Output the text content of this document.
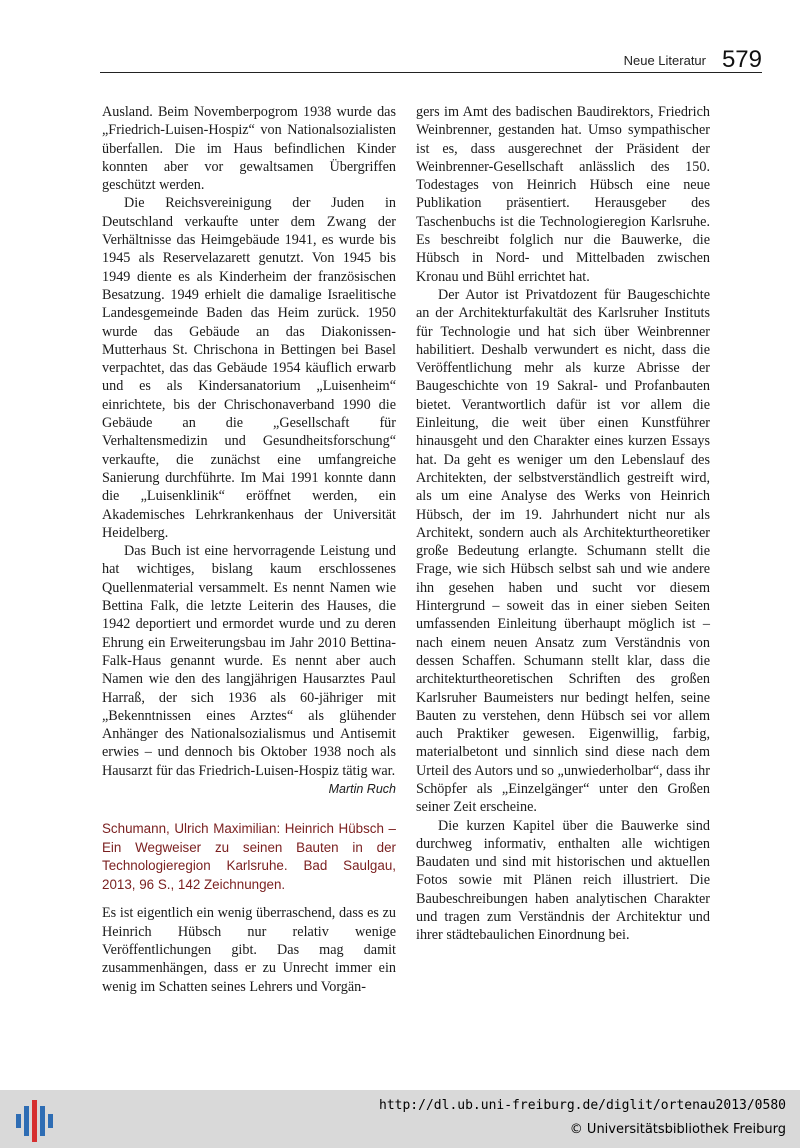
Neue Literatur 579

Ausland. Beim Novemberpogrom 1938 wurde das „Friedrich-Luisen-Hospiz“ von Nationalsozialisten überfallen. Die im Haus befindlichen Kinder konnten aber vor gewaltsamen Übergriffen geschützt werden.

Die Reichsvereinigung der Juden in Deutschland verkaufte unter dem Zwang der Verhältnisse das Heimgebäude 1941, es wurde bis 1945 als Reservelazarett genutzt. Von 1945 bis 1949 diente es als Kinderheim der französischen Besatzung. 1949 erhielt die damalige Israelitische Landesgemeinde Baden das Heim zurück. 1950 wurde das Gebäude an das Diakonissen-Mutterhaus St. Chrischona in Bettingen bei Basel verpachtet, das das Gebäude 1954 käuflich erwarb und es als Kindersanatorium „Luisenheim“ einrichtete, bis der Chrischonaverband 1990 die Gebäude an die „Gesellschaft für Verhaltensmedizin und Gesundheitsforschung“ verkaufte, die zunächst eine umfangreiche Sanierung durchführte. Im Mai 1991 konnte dann die „Luisenklinik“ eröffnet werden, ein Akademisches Lehrkrankenhaus der Universität Heidelberg.

Das Buch ist eine hervorragende Leistung und hat wichtiges, bislang kaum erschlossenes Quellenmaterial versammelt. Es nennt Namen wie Bettina Falk, die letzte Leiterin des Hauses, die 1942 deportiert und ermordet wurde und zu deren Ehrung ein Erweiterungsbau im Jahr 2010 Bettina-Falk-Haus genannt wurde. Es nennt aber auch Namen wie den des langjährigen Hausarztes Paul Harraß, der sich 1936 als 60-jähriger mit „Bekenntnissen eines Arztes“ als glühender Anhänger des Nationalsozialismus und Antisemit erwies – und dennoch bis Oktober 1938 noch als Hausarzt für das Friedrich-Luisen-Hospiz tätig war.
Martin Ruch

Schumann, Ulrich Maximilian: Heinrich Hübsch – Ein Wegweiser zu seinen Bauten in der Technologieregion Karlsruhe. Bad Saulgau, 2013, 96 S., 142 Zeichnungen.

Es ist eigentlich ein wenig überraschend, dass es zu Heinrich Hübsch nur relativ wenige Veröffentlichungen gibt. Das mag damit zusammenhängen, dass er zu Unrecht immer ein wenig im Schatten seines Lehrers und Vorgän-

gers im Amt des badischen Baudirektors, Friedrich Weinbrenner, gestanden hat. Umso sympathischer ist es, dass ausgerechnet der Präsident der Weinbrenner-Gesellschaft anlässlich des 150. Todestages von Heinrich Hübsch eine neue Publikation präsentiert. Herausgeber des Taschenbuchs ist die Technologieregion Karlsruhe. Es beschreibt folglich nur die Bauwerke, die Hübsch in Nord- und Mittelbaden zwischen Kronau und Bühl errichtet hat.

Der Autor ist Privatdozent für Baugeschichte an der Architekturfakultät des Karlsruher Instituts für Technologie und hat sich über Weinbrenner habilitiert. Deshalb verwundert es nicht, dass die Veröffentlichung mehr als kurze Abrisse der Baugeschichte von 19 Sakral- und Profanbauten bietet. Verantwortlich dafür ist vor allem die Einleitung, die weit über einen Kunstführer hinausgeht und den Charakter eines kurzen Essays hat. Da geht es weniger um den Lebenslauf des Architekten, der selbstverständlich gestreift wird, als um eine Analyse des Werks von Heinrich Hübsch, der im 19. Jahrhundert nicht nur als Architekt, sondern auch als Architekturtheoretiker große Bedeutung erlangte. Schumann stellt die Frage, wie sich Hübsch selbst sah und wie andere ihn gesehen haben und sucht vor diesem Hintergrund – soweit das in einer sieben Seiten umfassenden Einleitung überhaupt möglich ist – nach einem neuen Ansatz zum Verständnis von dessen Schaffen. Schumann stellt klar, dass die architekturtheoretischen Schriften des großen Karlsruher Baumeisters nur bedingt helfen, seine Bauten zu verstehen, denn Hübsch sei vor allem auch Praktiker gewesen. Eigenwillig, farbig, materialbetont und sinnlich sind diese nach dem Urteil des Autors und so „unwiederholbar“, dass ihr Schöpfer als „Einzelgänger“ unter den Großen seiner Zeit erscheine.

Die kurzen Kapitel über die Bauwerke sind durchweg informativ, enthalten alle wichtigen Baudaten und sind mit historischen und aktuellen Fotos sowie mit Plänen reich illustriert. Die Baubeschreibungen haben analytischen Charakter und tragen zum Verständnis der Architektur und ihrer städtebaulichen Einordnung bei.

http://dl.ub.uni-freiburg.de/diglit/ortenau2013/0580
© Universitätsbibliothek Freiburg
